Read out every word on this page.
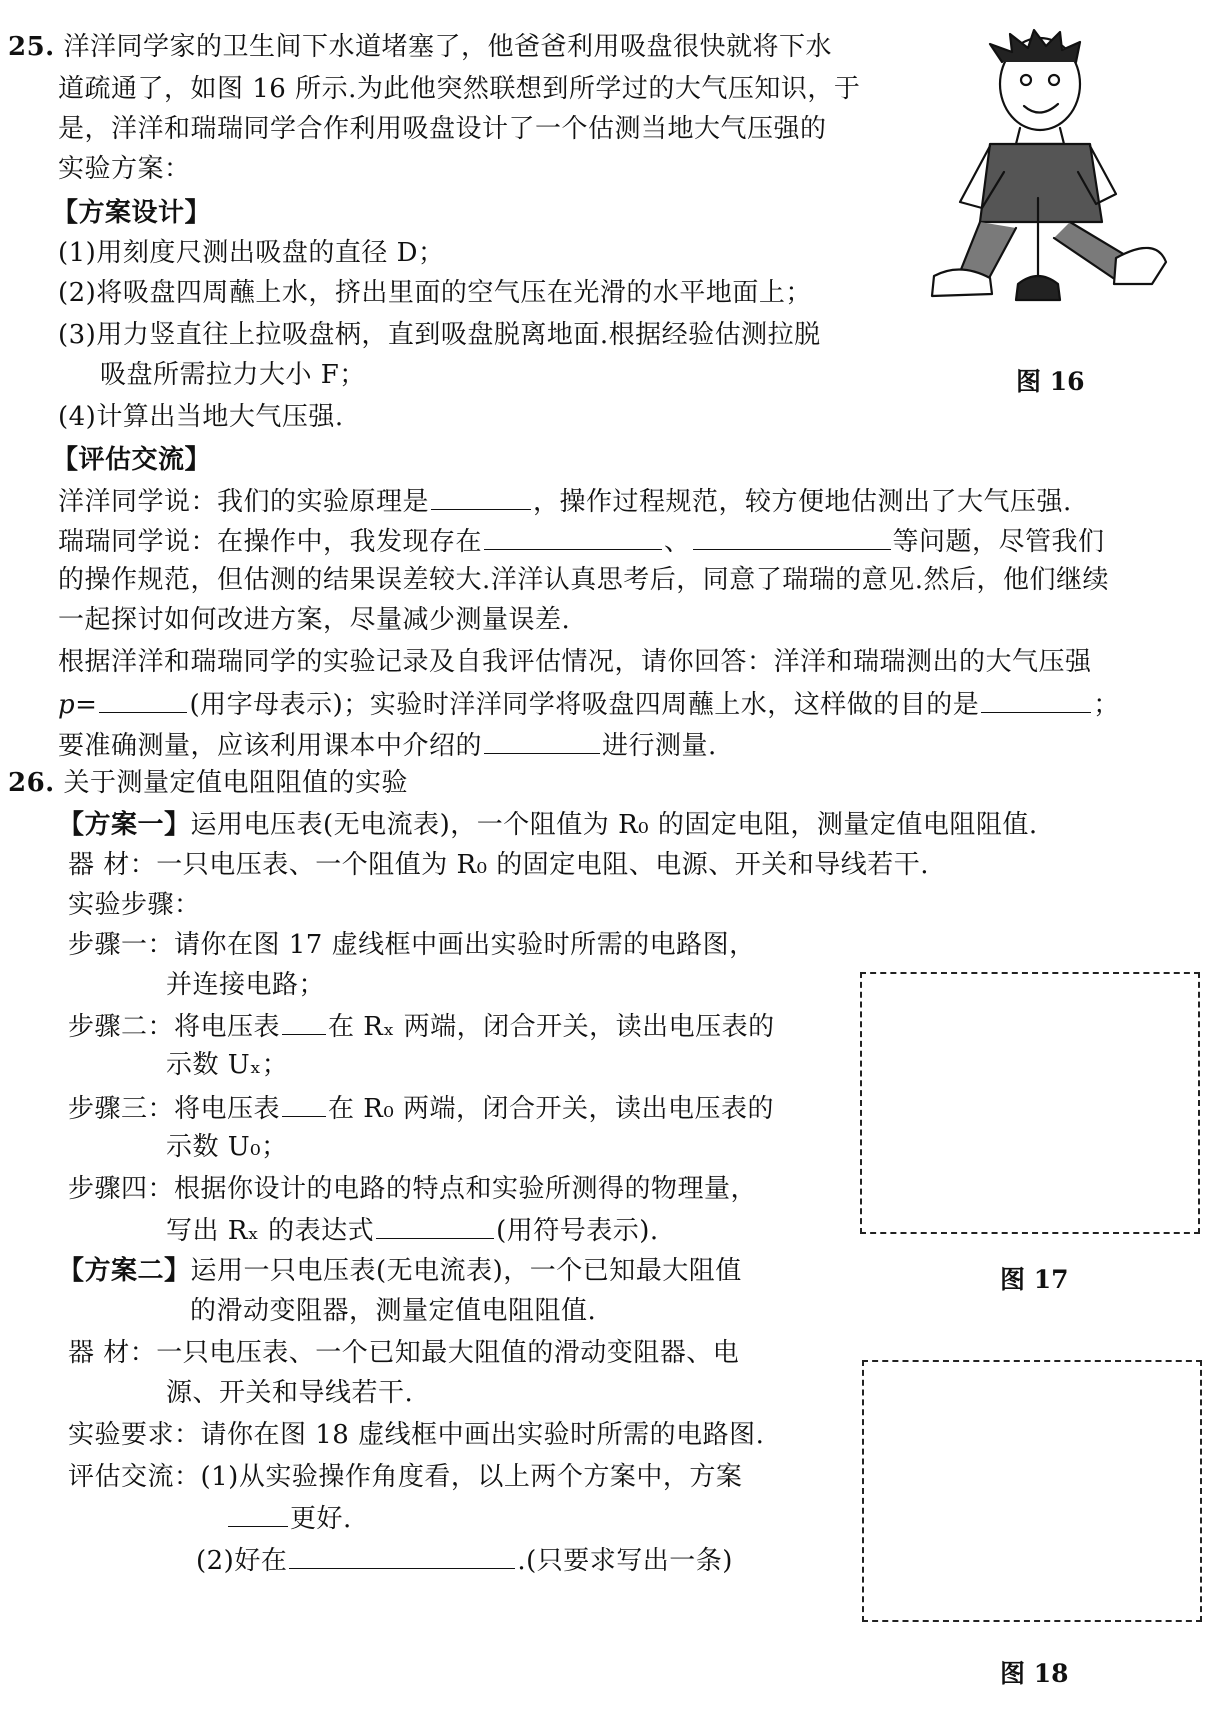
25. 洋洋同学家的卫生间下水道堵塞了，他爸爸利用吸盘很快就将下水
道疏通了，如图 16 所示.为此他突然联想到所学过的大气压知识，于
是，洋洋和瑞瑞同学合作利用吸盘设计了一个估测当地大气压强的
实验方案：
【方案设计】
(1)用刻度尺测出吸盘的直径 D；
(2)将吸盘四周蘸上水，挤出里面的空气压在光滑的水平地面上；
(3)用力竖直往上拉吸盘柄，直到吸盘脱离地面.根据经验估测拉脱
吸盘所需拉力大小 F；
(4)计算出当地大气压强.
【评估交流】
洋洋同学说：我们的实验原理是	，操作过程规范，较方便地估测出了大气压强.
瑞瑞同学说：在操作中，我发现存在	、	等问题，尽管我们
的操作规范，但估测的结果误差较大.洋洋认真思考后，同意了瑞瑞的意见.然后，他们继续
一起探讨如何改进方案，尽量减少测量误差.
根据洋洋和瑞瑞同学的实验记录及自我评估情况，请你回答：洋洋和瑞瑞测出的大气压强
p=	(用字母表示)；实验时洋洋同学将吸盘四周蘸上水，这样做的目的是	；
要准确测量，应该利用课本中介绍的	进行测量.
图 16
26. 关于测量定值电阻阻值的实验
【方案一】运用电压表(无电流表)，一个阻值为 R₀ 的固定电阻，测量定值电阻阻值.
器 材：一只电压表、一个阻值为 R₀ 的固定电阻、电源、开关和导线若干.
实验步骤：
步骤一：请你在图 17 虚线框中画出实验时所需的电路图，
并连接电路；
步骤二：将电压表 在 Rₓ 两端，闭合开关，读出电压表的
示数 Uₓ；
步骤三：将电压表 在 R₀ 两端，闭合开关，读出电压表的
示数 U₀；
步骤四：根据你设计的电路的特点和实验所测得的物理量，
写出 Rₓ 的表达式	(用符号表示).
【方案二】运用一只电压表(无电流表)，一个已知最大阻值
的滑动变阻器，测量定值电阻阻值.
器 材：一只电压表、一个已知最大阻值的滑动变阻器、电
源、开关和导线若干.
实验要求：请你在图 18 虚线框中画出实验时所需的电路图.
评估交流：(1)从实验操作角度看，以上两个方案中，方案
更好.
(2)好在	.(只要求写出一条)
图 17
图 18
